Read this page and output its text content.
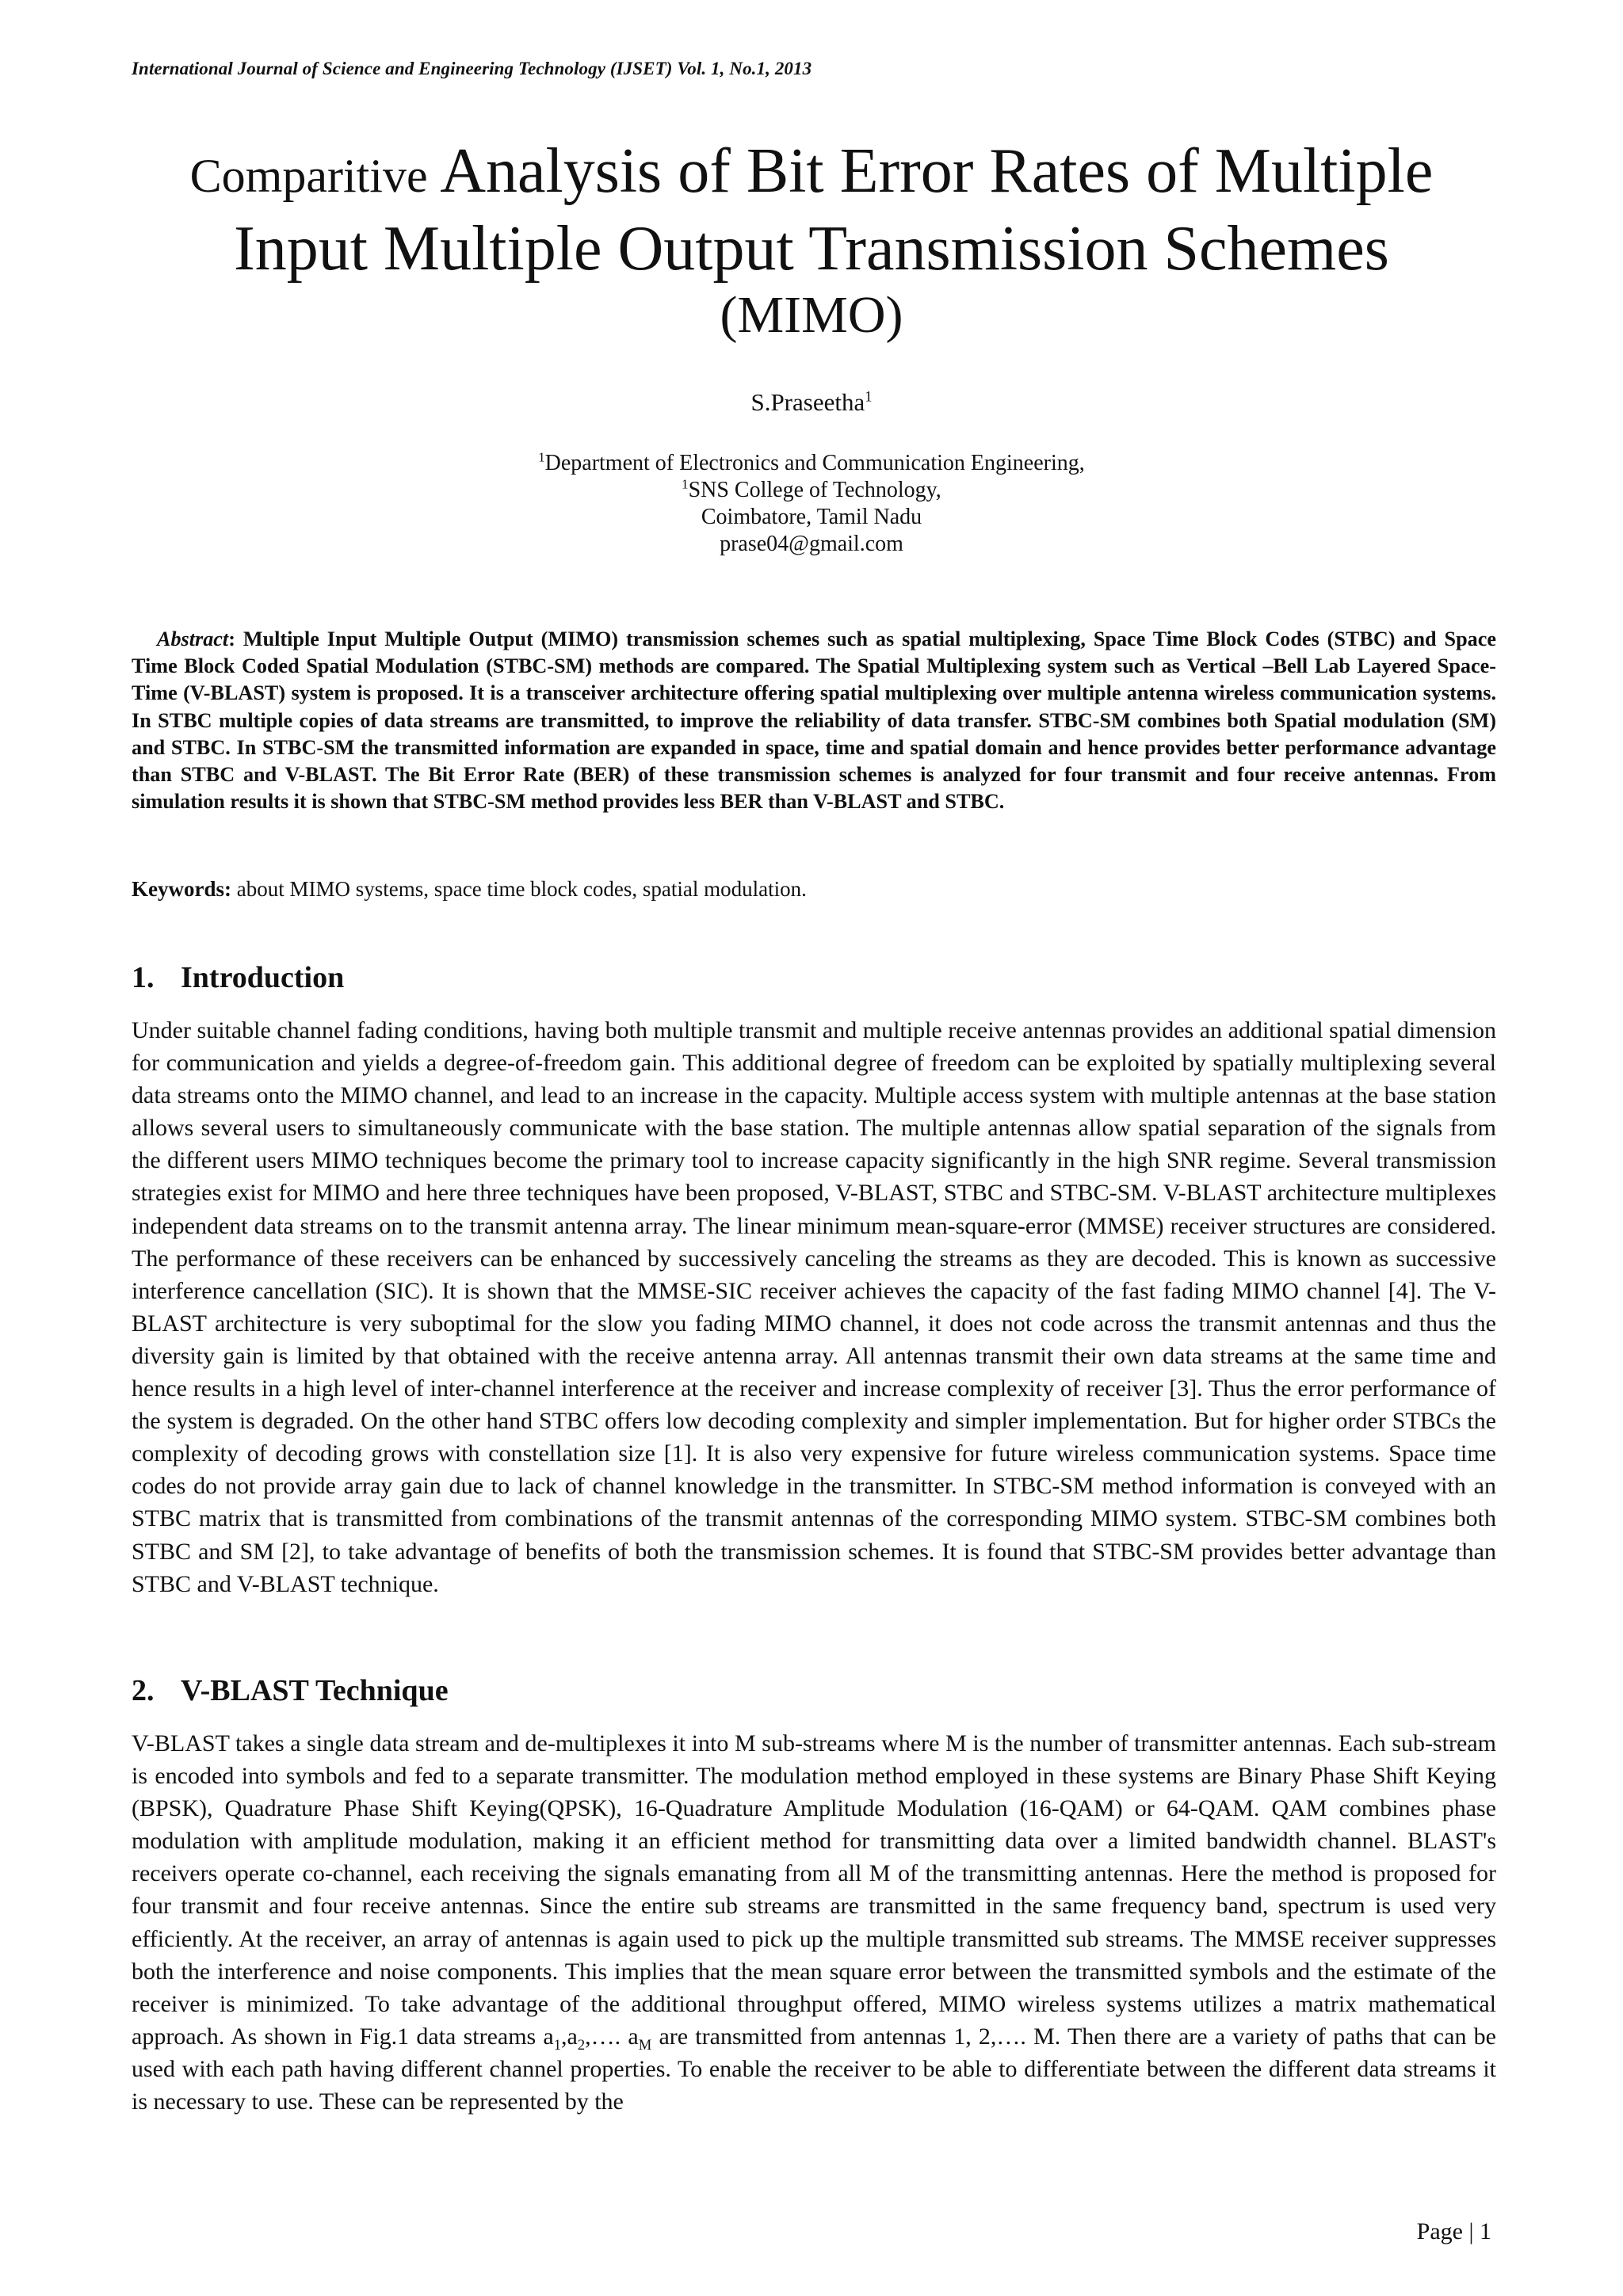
International Journal of Science and Engineering Technology (IJSET) Vol. 1, No.1, 2013
Comparitive Analysis of Bit Error Rates of Multiple
Input Multiple Output Transmission Schemes
(MIMO)
S.Praseetha$^1$
$^1$Department of Electronics and Communication Engineering,
$^1$SNS College of Technology,
Coimbatore, Tamil Nadu
prase04@gmail.com
Abstract: Multiple Input Multiple Output (MIMO) transmission schemes such as spatial multiplexing, Space Time Block Codes (STBC) and Space Time Block Coded Spatial Modulation (STBC-SM) methods are compared. The Spatial Multiplexing system such as Vertical –Bell Lab Layered Space-Time (V-BLAST) system is proposed. It is a transceiver architecture offering spatial multiplexing over multiple antenna wireless communication systems. In STBC multiple copies of data streams are transmitted, to improve the reliability of data transfer. STBC-SM combines both Spatial modulation (SM) and STBC. In STBC-SM the transmitted information are expanded in space, time and spatial domain and hence provides better performance advantage than STBC and V-BLAST. The Bit Error Rate (BER) of these transmission schemes is analyzed for four transmit and four receive antennas. From simulation results it is shown that STBC-SM method provides less BER than V-BLAST and STBC.
Keywords: about MIMO systems, space time block codes, spatial modulation.
1. Introduction
Under suitable channel fading conditions, having both multiple transmit and multiple receive antennas provides an additional spatial dimension for communication and yields a degree-of-freedom gain. This additional degree of freedom can be exploited by spatially multiplexing several data streams onto the MIMO channel, and lead to an increase in the capacity. Multiple access system with multiple antennas at the base station allows several users to simultaneously communicate with the base station. The multiple antennas allow spatial separation of the signals from the different users MIMO techniques become the primary tool to increase capacity significantly in the high SNR regime. Several transmission strategies exist for MIMO and here three techniques have been proposed, V-BLAST, STBC and STBC-SM. V-BLAST architecture multiplexes independent data streams on to the transmit antenna array. The linear minimum mean-square-error (MMSE) receiver structures are considered. The performance of these receivers can be enhanced by successively canceling the streams as they are decoded. This is known as successive interference cancellation (SIC). It is shown that the MMSE-SIC receiver achieves the capacity of the fast fading MIMO channel [4]. The V-BLAST architecture is very suboptimal for the slow you fading MIMO channel, it does not code across the transmit antennas and thus the diversity gain is limited by that obtained with the receive antenna array. All antennas transmit their own data streams at the same time and hence results in a high level of inter-channel interference at the receiver and increase complexity of receiver [3]. Thus the error performance of the system is degraded. On the other hand STBC offers low decoding complexity and simpler implementation. But for higher order STBCs the complexity of decoding grows with constellation size [1]. It is also very expensive for future wireless communication systems. Space time codes do not provide array gain due to lack of channel knowledge in the transmitter. In STBC-SM method information is conveyed with an STBC matrix that is transmitted from combinations of the transmit antennas of the corresponding MIMO system. STBC-SM combines both STBC and SM [2], to take advantage of benefits of both the transmission schemes. It is found that STBC-SM provides better advantage than STBC and V-BLAST technique.
2. V-BLAST Technique
V-BLAST takes a single data stream and de-multiplexes it into M sub-streams where M is the number of transmitter antennas. Each sub-stream is encoded into symbols and fed to a separate transmitter. The modulation method employed in these systems are Binary Phase Shift Keying (BPSK), Quadrature Phase Shift Keying(QPSK), 16-Quadrature Amplitude Modulation (16-QAM) or 64-QAM. QAM combines phase modulation with amplitude modulation, making it an efficient method for transmitting data over a limited bandwidth channel. BLAST's receivers operate co-channel, each receiving the signals emanating from all M of the transmitting antennas. Here the method is proposed for four transmit and four receive antennas. Since the entire sub streams are transmitted in the same frequency band, spectrum is used very efficiently. At the receiver, an array of antennas is again used to pick up the multiple transmitted sub streams. The MMSE receiver suppresses both the interference and noise components. This implies that the mean square error between the transmitted symbols and the estimate of the receiver is minimized. To take advantage of the additional throughput offered, MIMO wireless systems utilizes a matrix mathematical approach. As shown in Fig.1 data streams $a_1,a_2,\dots$. $a_M$ are transmitted from antennas 1, 2,…. M. Then there are a variety of paths that can be used with each path having different channel properties. To enable the receiver to be able to differentiate between the different data streams it is necessary to use. These can be represented by the
Page | 1
